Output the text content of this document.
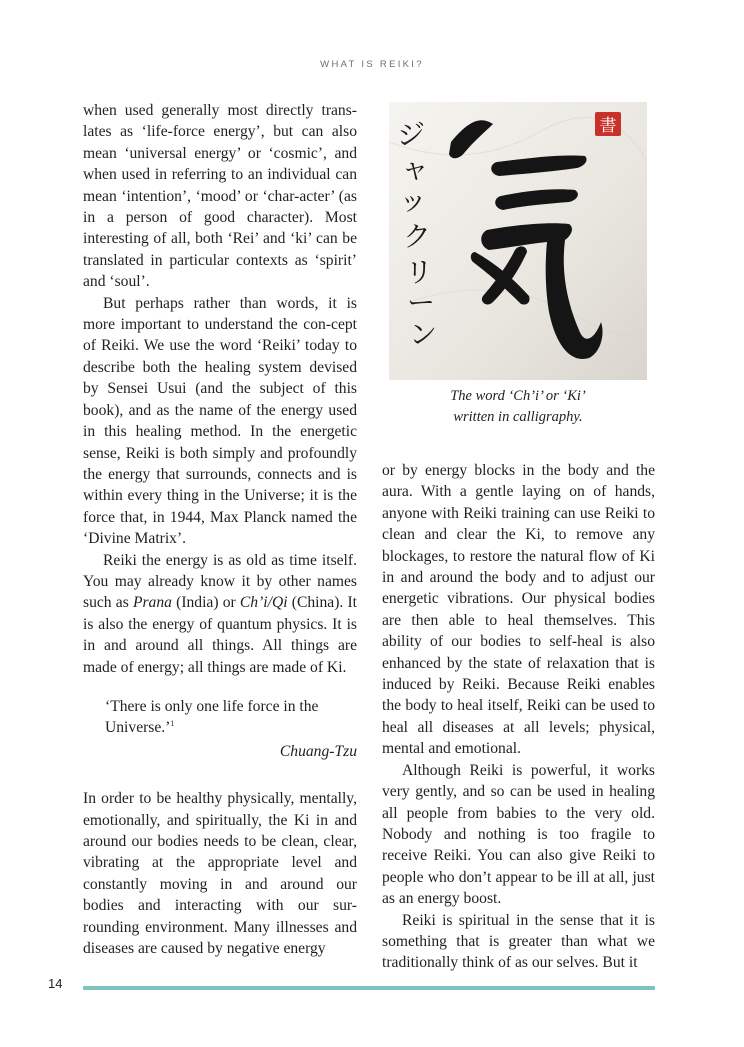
WHAT IS REIKI?

when used generally most directly trans-lates as ‘life-force energy’, but can also mean ‘universal energy’ or ‘cosmic’, and when used in referring to an individual can mean ‘intention’, ‘mood’ or ‘char-acter’ (as in a person of good character). Most interesting of all, both ‘Rei’ and ‘ki’ can be translated in particular contexts as ‘spirit’ and ‘soul’.

But perhaps rather than words, it is more important to understand the con-cept of Reiki. We use the word ‘Reiki’ today to describe both the healing system devised by Sensei Usui (and the subject of this book), and as the name of the energy used in this healing method. In the energetic sense, Reiki is both simply and profoundly the energy that surrounds, connects and is within every thing in the Universe; it is the force that, in 1944, Max Planck named the ‘Divine Matrix’.

Reiki the energy is as old as time itself. You may already know it by other names such as Prana (India) or Ch’i/Qi (China). It is also the energy of quantum physics. It is in and around all things. All things are made of energy; all things are made of Ki.

‘There is only one life force in the Universe.’$^1$
Chuang-Tzu

In order to be healthy physically, mentally, emotionally, and spiritually, the Ki in and around our bodies needs to be clean, clear, vibrating at the appropriate level and constantly moving in and around our bodies and interacting with our sur-rounding environment. Many illnesses and diseases are caused by negative energy

ジ ャ ッ ク リ ー ン
書
The word ‘Ch’i’ or ‘Ki’
written in calligraphy.

or by energy blocks in the body and the aura. With a gentle laying on of hands, anyone with Reiki training can use Reiki to clean and clear the Ki, to remove any blockages, to restore the natural flow of Ki in and around the body and to adjust our energetic vibrations. Our physical bodies are then able to heal themselves. This ability of our bodies to self-heal is also enhanced by the state of relaxation that is induced by Reiki. Because Reiki enables the body to heal itself, Reiki can be used to heal all diseases at all levels; physical, mental and emotional.

Although Reiki is powerful, it works very gently, and so can be used in healing all people from babies to the very old. Nobody and nothing is too fragile to receive Reiki. You can also give Reiki to people who don’t appear to be ill at all, just as an energy boost.

Reiki is spiritual in the sense that it is something that is greater than what we traditionally think of as our selves. But it

14
